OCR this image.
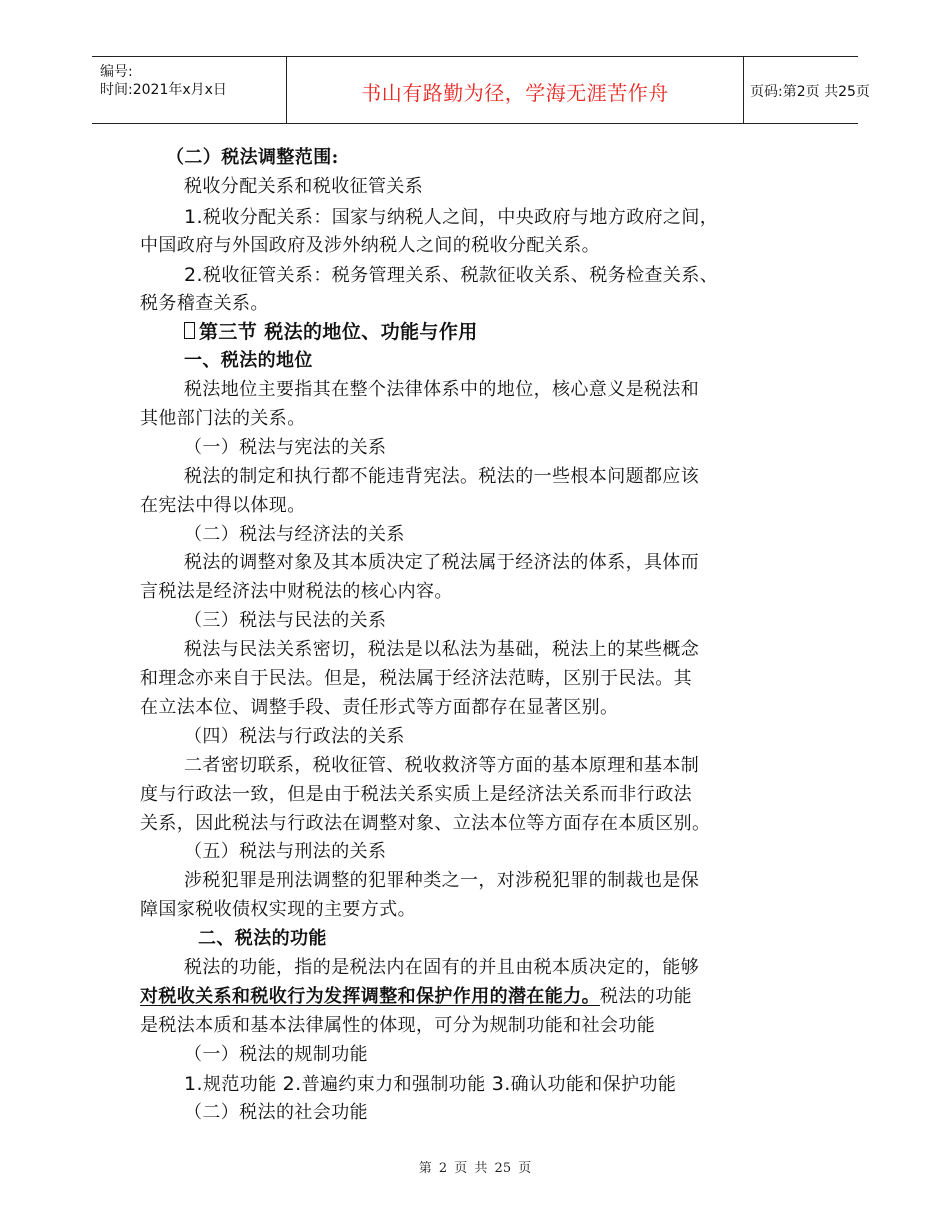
编号:
时间:2021年x月x日	书山有路勤为径，学海无涯苦作舟	页码:第2页 共25页
（二）税法调整范围:
税收分配关系和税收征管关系
1.税收分配关系：国家与纳税人之间，中央政府与地方政府之间，
中国政府与外国政府及涉外纳税人之间的税收分配关系。
2.税收征管关系：税务管理关系、税款征收关系、税务检查关系、
税务稽查关系。
第三节 税法的地位、功能与作用
一、税法的地位
税法地位主要指其在整个法律体系中的地位，核心意义是税法和
其他部门法的关系。
（一）税法与宪法的关系
税法的制定和执行都不能违背宪法。税法的一些根本问题都应该
在宪法中得以体现。
（二）税法与经济法的关系
税法的调整对象及其本质决定了税法属于经济法的体系，具体而
言税法是经济法中财税法的核心内容。
（三）税法与民法的关系
税法与民法关系密切，税法是以私法为基础，税法上的某些概念
和理念亦来自于民法。但是，税法属于经济法范畴，区别于民法。其
在立法本位、调整手段、责任形式等方面都存在显著区别。
（四）税法与行政法的关系
二者密切联系，税收征管、税收救济等方面的基本原理和基本制
度与行政法一致，但是由于税法关系实质上是经济法关系而非行政法
关系，因此税法与行政法在调整对象、立法本位等方面存在本质区别。
（五）税法与刑法的关系
涉税犯罪是刑法调整的犯罪种类之一，对涉税犯罪的制裁也是保
障国家税收债权实现的主要方式。
二、税法的功能
税法的功能，指的是税法内在固有的并且由税本质决定的，能够
对税收关系和税收行为发挥调整和保护作用的潜在能力。税法的功能
是税法本质和基本法律属性的体现，可分为规制功能和社会功能
（一）税法的规制功能
1.规范功能 2.普遍约束力和强制功能 3.确认功能和保护功能
（二）税法的社会功能
第 2 页 共 25 页
